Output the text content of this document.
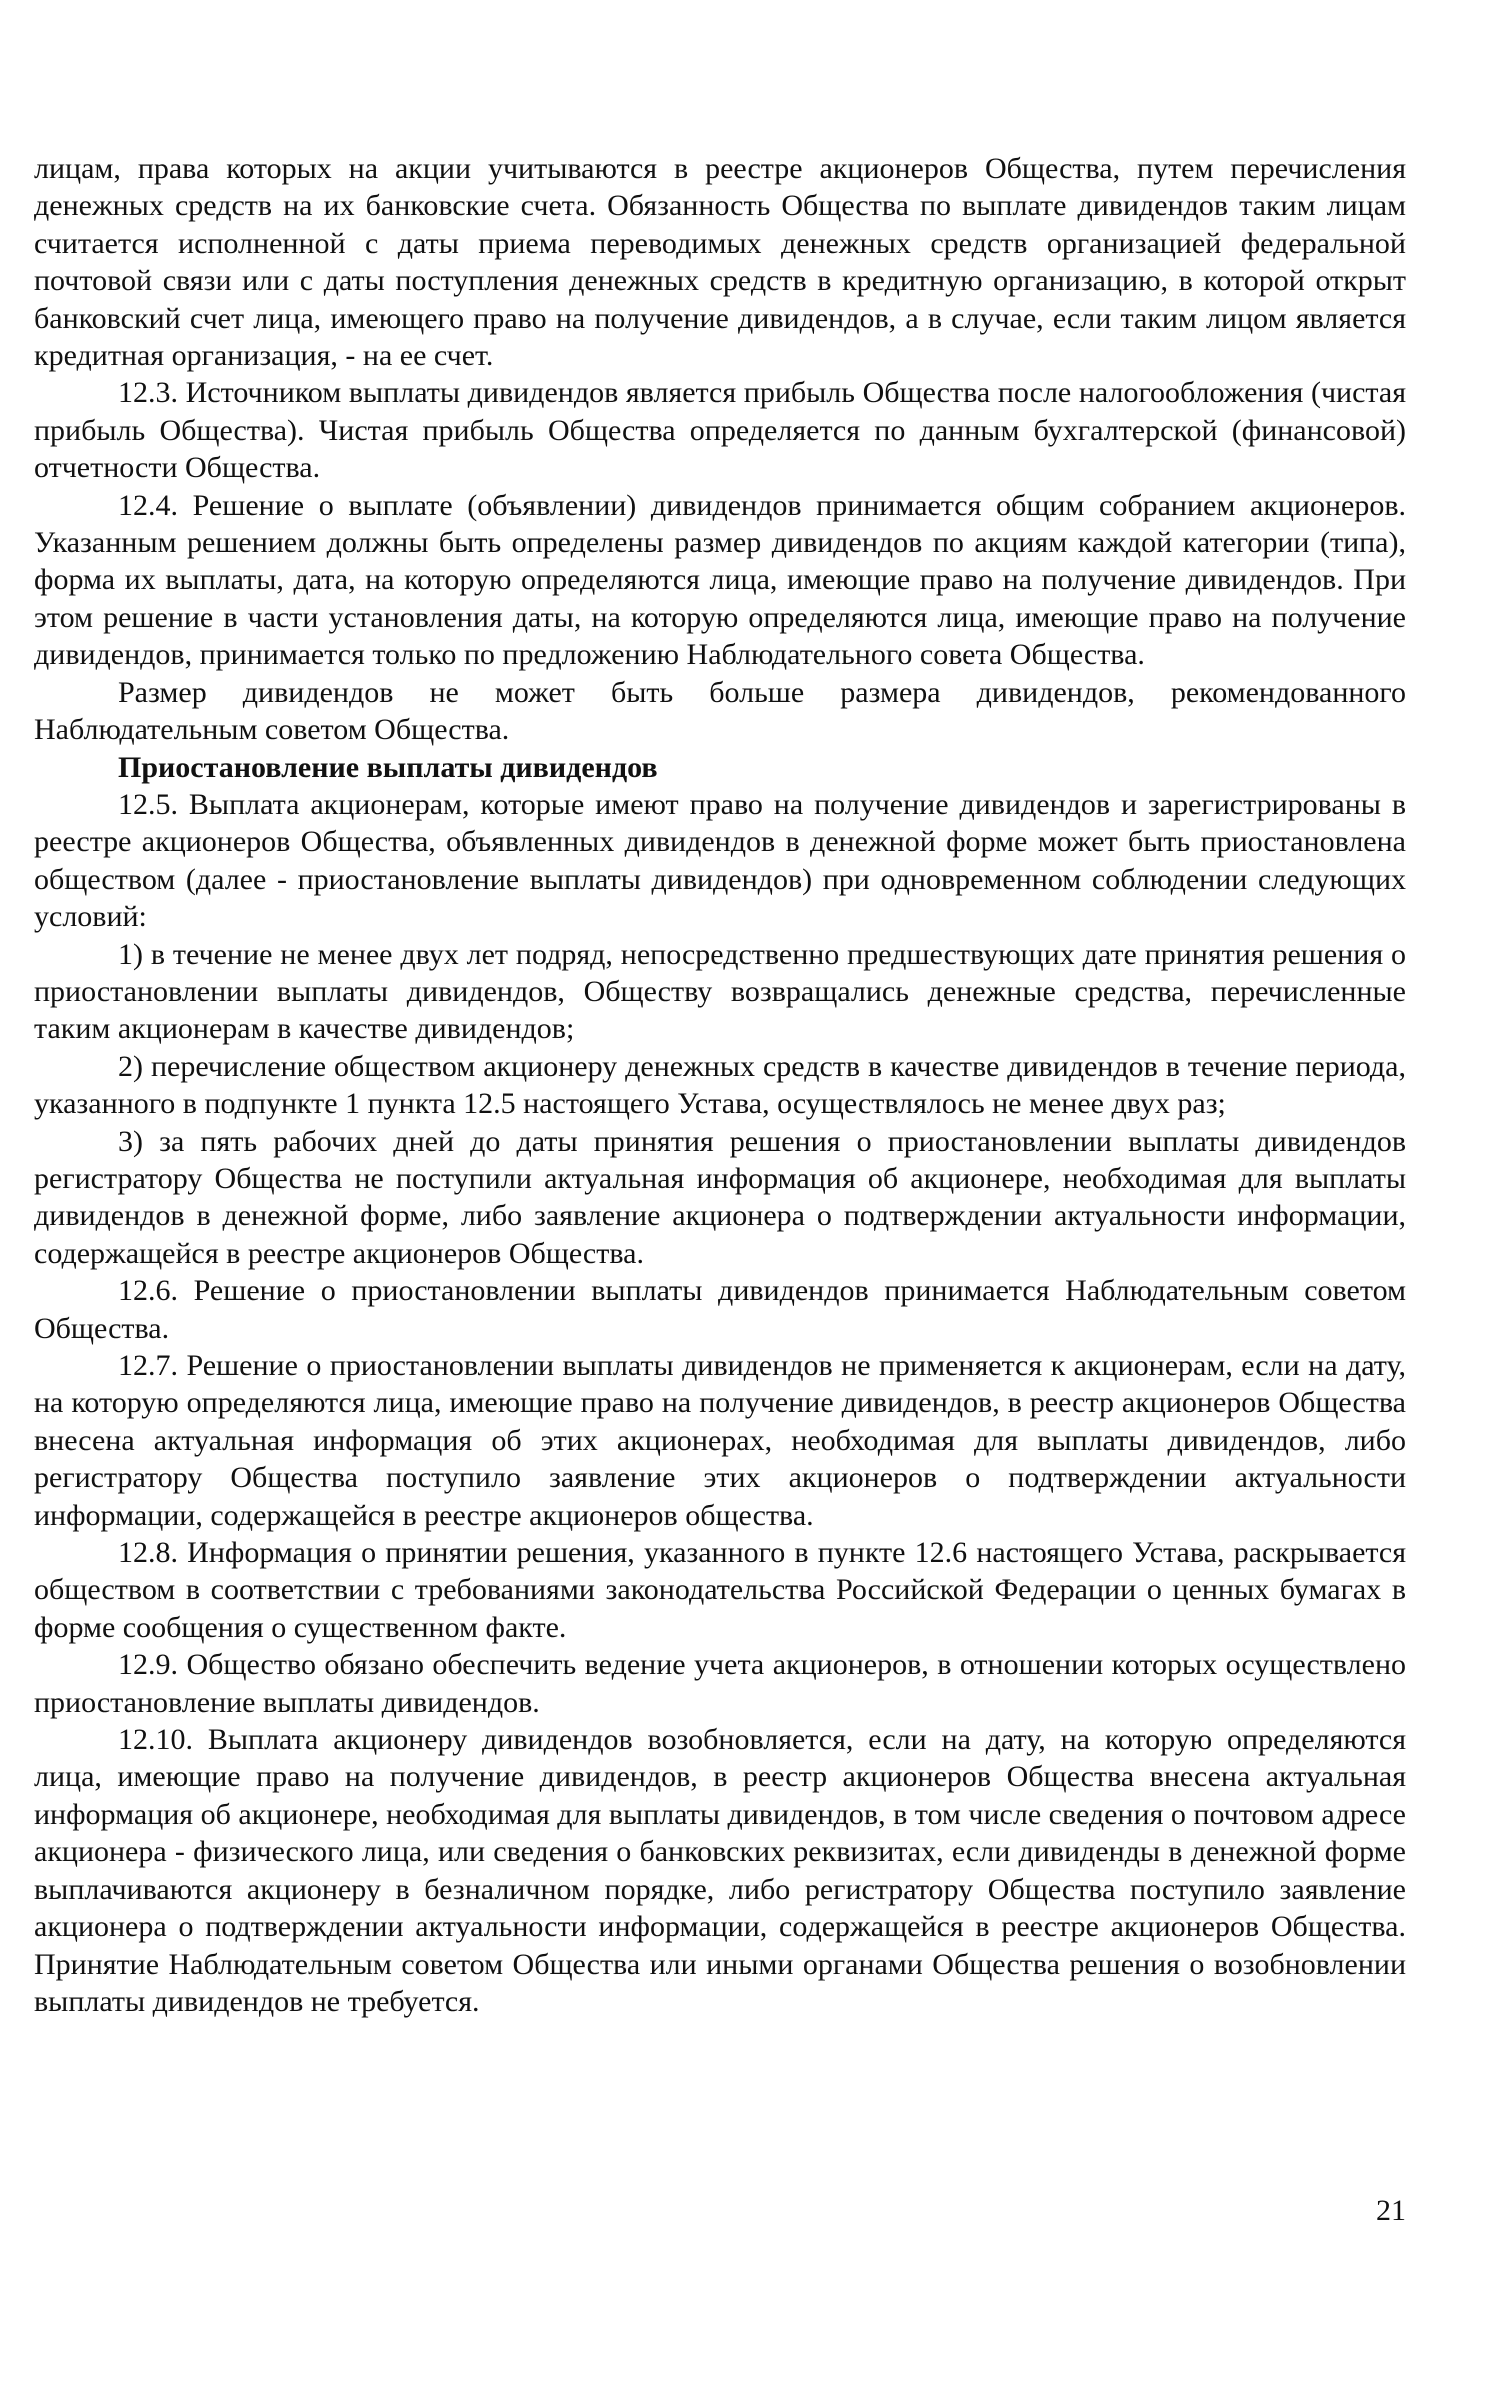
лицам, права которых на акции учитываются в реестре акционеров Общества, путем перечисления денежных средств на их банковские счета. Обязанность Общества по выплате дивидендов таким лицам считается исполненной с даты приема переводимых денежных средств организацией федеральной почтовой связи или с даты поступления денежных средств в кредитную организацию, в которой открыт банковский счет лица, имеющего право на получение дивидендов, а в случае, если таким лицом является кредитная организация, - на ее счет.

12.3. Источником выплаты дивидендов является прибыль Общества после налогообложения (чистая прибыль Общества). Чистая прибыль Общества определяется по данным бухгалтерской (финансовой) отчетности Общества.

12.4. Решение о выплате (объявлении) дивидендов принимается общим собранием акционеров. Указанным решением должны быть определены размер дивидендов по акциям каждой категории (типа), форма их выплаты, дата, на которую определяются лица, имеющие право на получение дивидендов. При этом решение в части установления даты, на которую определяются лица, имеющие право на получение дивидендов, принимается только по предложению Наблюдательного совета Общества.

Размер дивидендов не может быть больше размера дивидендов, рекомендованного Наблюдательным советом Общества.

Приостановление выплаты дивидендов

12.5. Выплата акционерам, которые имеют право на получение дивидендов и зарегистрированы в реестре акционеров Общества, объявленных дивидендов в денежной форме может быть приостановлена обществом (далее - приостановление выплаты дивидендов) при одновременном соблюдении следующих условий:

1) в течение не менее двух лет подряд, непосредственно предшествующих дате принятия решения о приостановлении выплаты дивидендов, Обществу возвращались денежные средства, перечисленные таким акционерам в качестве дивидендов;

2) перечисление обществом акционеру денежных средств в качестве дивидендов в течение периода, указанного в подпункте 1 пункта 12.5 настоящего Устава, осуществлялось не менее двух раз;

3) за пять рабочих дней до даты принятия решения о приостановлении выплаты дивидендов регистратору Общества не поступили актуальная информация об акционере, необходимая для выплаты дивидендов в денежной форме, либо заявление акционера о подтверждении актуальности информации, содержащейся в реестре акционеров Общества.

12.6. Решение о приостановлении выплаты дивидендов принимается Наблюдательным советом Общества.

12.7. Решение о приостановлении выплаты дивидендов не применяется к акционерам, если на дату, на которую определяются лица, имеющие право на получение дивидендов, в реестр акционеров Общества внесена актуальная информация об этих акционерах, необходимая для выплаты дивидендов, либо регистратору Общества поступило заявление этих акционеров о подтверждении актуальности информации, содержащейся в реестре акционеров общества.

12.8. Информация о принятии решения, указанного в пункте 12.6 настоящего Устава, раскрывается обществом в соответствии с требованиями законодательства Российской Федерации о ценных бумагах в форме сообщения о существенном факте.

12.9. Общество обязано обеспечить ведение учета акционеров, в отношении которых осуществлено приостановление выплаты дивидендов.

12.10. Выплата акционеру дивидендов возобновляется, если на дату, на которую определяются лица, имеющие право на получение дивидендов, в реестр акционеров Общества внесена актуальная информация об акционере, необходимая для выплаты дивидендов, в том числе сведения о почтовом адресе акционера - физического лица, или сведения о банковских реквизитах, если дивиденды в денежной форме выплачиваются акционеру в безналичном порядке, либо регистратору Общества поступило заявление акционера о подтверждении актуальности информации, содержащейся в реестре акционеров Общества. Принятие Наблюдательным советом Общества или иными органами Общества решения о возобновлении выплаты дивидендов не требуется.

21
